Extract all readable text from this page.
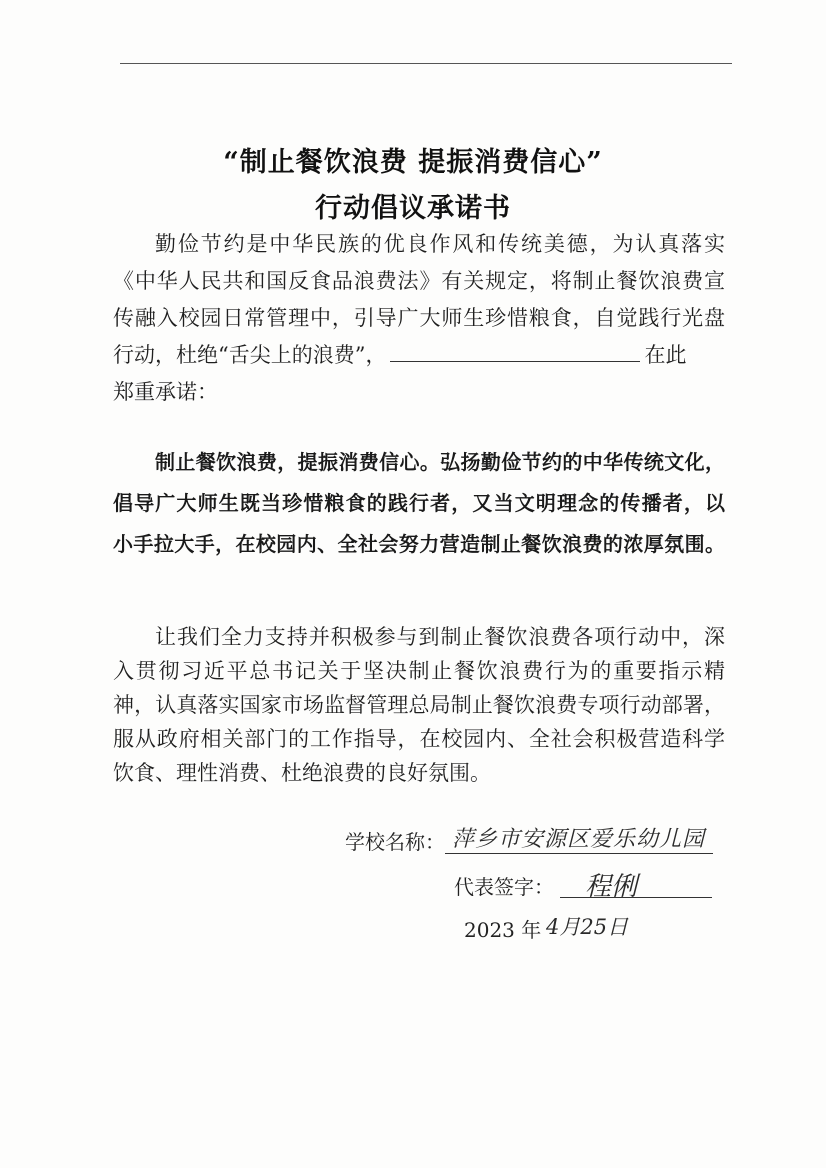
“制止餐饮浪费 提振消费信心”
行动倡议承诺书
勤俭节约是中华民族的优良作风和传统美德，为认真落实
《中华人民共和国反食品浪费法》有关规定，将制止餐饮浪费宣
传融入校园日常管理中，引导广大师生珍惜粮食，自觉践行光盘
行动，杜绝“舌尖上的浪费”，	在此
郑重承诺：
制止餐饮浪费，提振消费信心。弘扬勤俭节约的中华传统文化，
倡导广大师生既当珍惜粮食的践行者，又当文明理念的传播者，以
小手拉大手，在校园内、全社会努力营造制止餐饮浪费的浓厚氛围。
让我们全力支持并积极参与到制止餐饮浪费各项行动中，深
入贯彻习近平总书记关于坚决制止餐饮浪费行为的重要指示精
神，认真落实国家市场监督管理总局制止餐饮浪费专项行动部署，
服从政府相关部门的工作指导，在校园内、全社会积极营造科学
饮食、理性消费、杜绝浪费的良好氛围。
学校名称： 萍乡市安源区爱乐幼儿园
代表签字： 程俐
2023 年 4月25日
